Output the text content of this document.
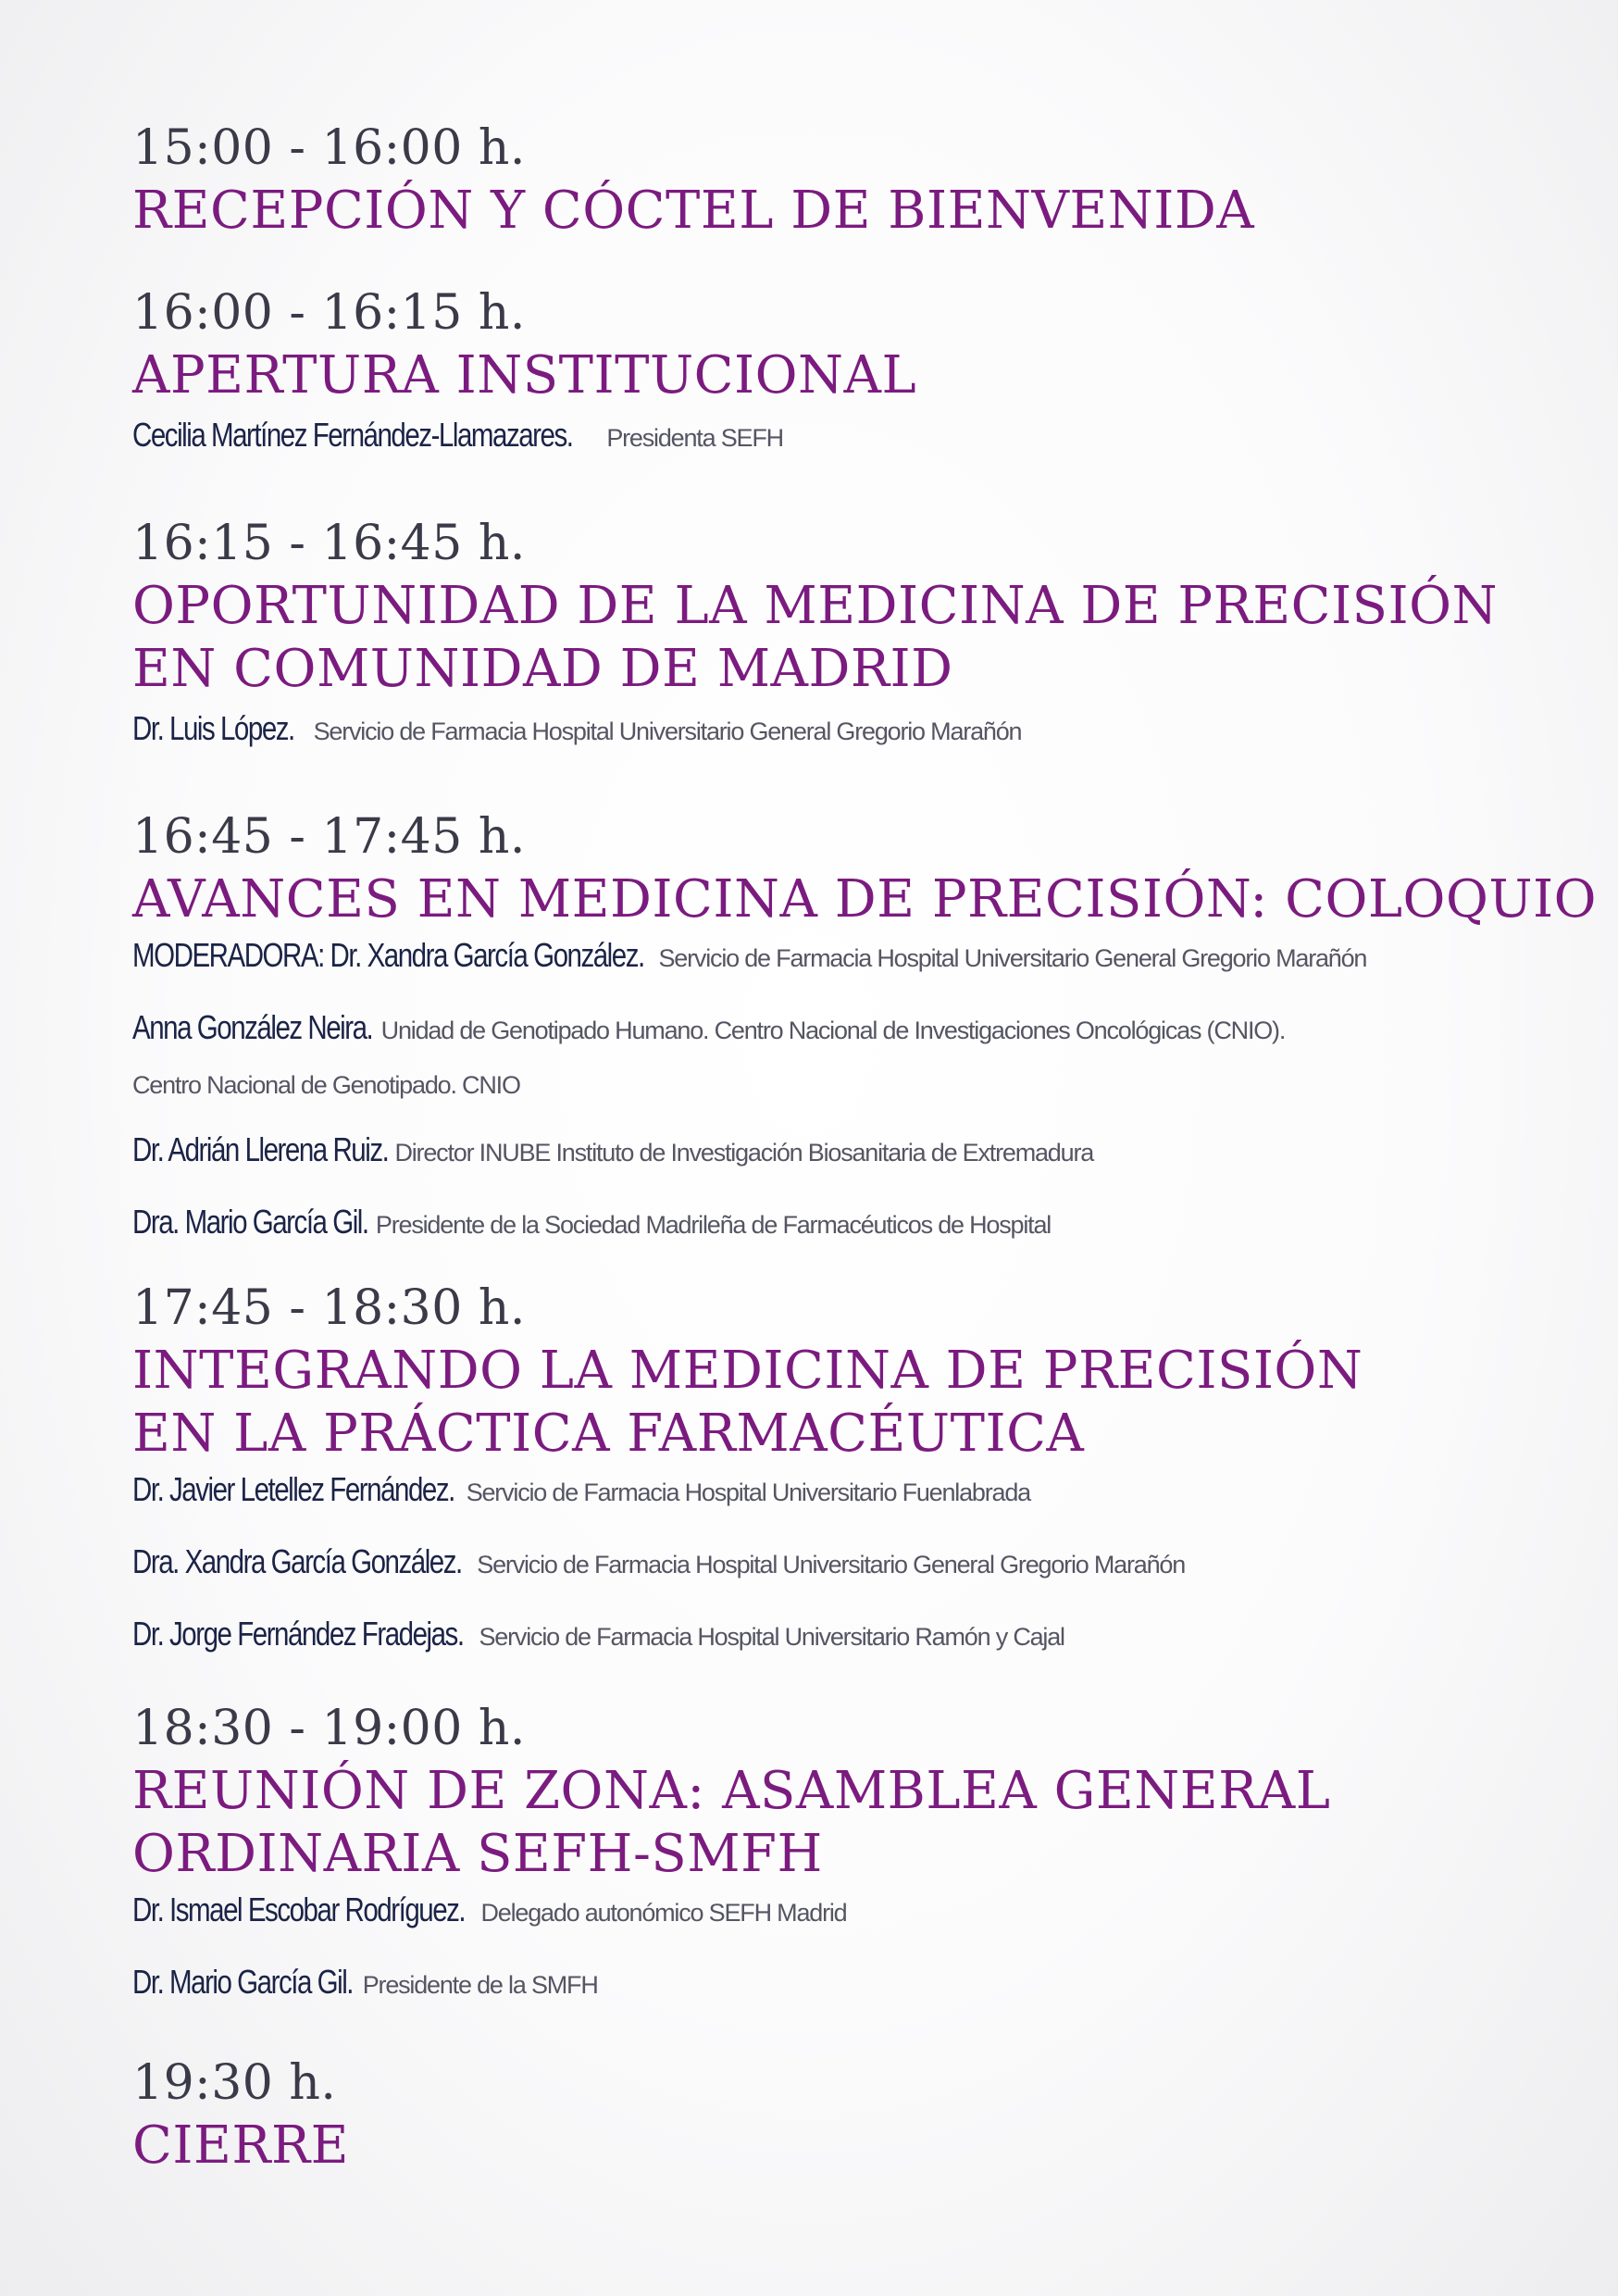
15:00 - 16:00 h.
RECEPCIÓN Y CÓCTEL DE BIENVENIDA
16:00 - 16:15 h.
APERTURA INSTITUCIONAL
Cecilia Martínez Fernández-Llamazares. Presidenta SEFH
16:15 - 16:45 h.
OPORTUNIDAD DE LA MEDICINA DE PRECISIÓN
EN COMUNIDAD DE MADRID
Dr. Luis López. Servicio de Farmacia Hospital Universitario General Gregorio Marañón
16:45 - 17:45 h.
AVANCES EN MEDICINA DE PRECISIÓN: COLOQUIO
MODERADORA: Dr. Xandra García González. Servicio de Farmacia Hospital Universitario General Gregorio Marañón
Anna González Neira. Unidad de Genotipado Humano. Centro Nacional de Investigaciones Oncológicas (CNIO).
Centro Nacional de Genotipado. CNIO
Dr. Adrián Llerena Ruiz. Director INUBE Instituto de Investigación Biosanitaria de Extremadura
Dra. Mario García Gil. Presidente de la Sociedad Madrileña de Farmacéuticos de Hospital
17:45 - 18:30 h.
INTEGRANDO LA MEDICINA DE PRECISIÓN
EN LA PRÁCTICA FARMACÉUTICA
Dr. Javier Letellez Fernández. Servicio de Farmacia Hospital Universitario Fuenlabrada
Dra. Xandra García González. Servicio de Farmacia Hospital Universitario General Gregorio Marañón
Dr. Jorge Fernández Fradejas. Servicio de Farmacia Hospital Universitario Ramón y Cajal
18:30 - 19:00 h.
REUNIÓN DE ZONA: ASAMBLEA GENERAL
ORDINARIA SEFH-SMFH
Dr. Ismael Escobar Rodríguez. Delegado autonómico SEFH Madrid
Dr. Mario García Gil. Presidente de la SMFH
19:30 h.
CIERRE
